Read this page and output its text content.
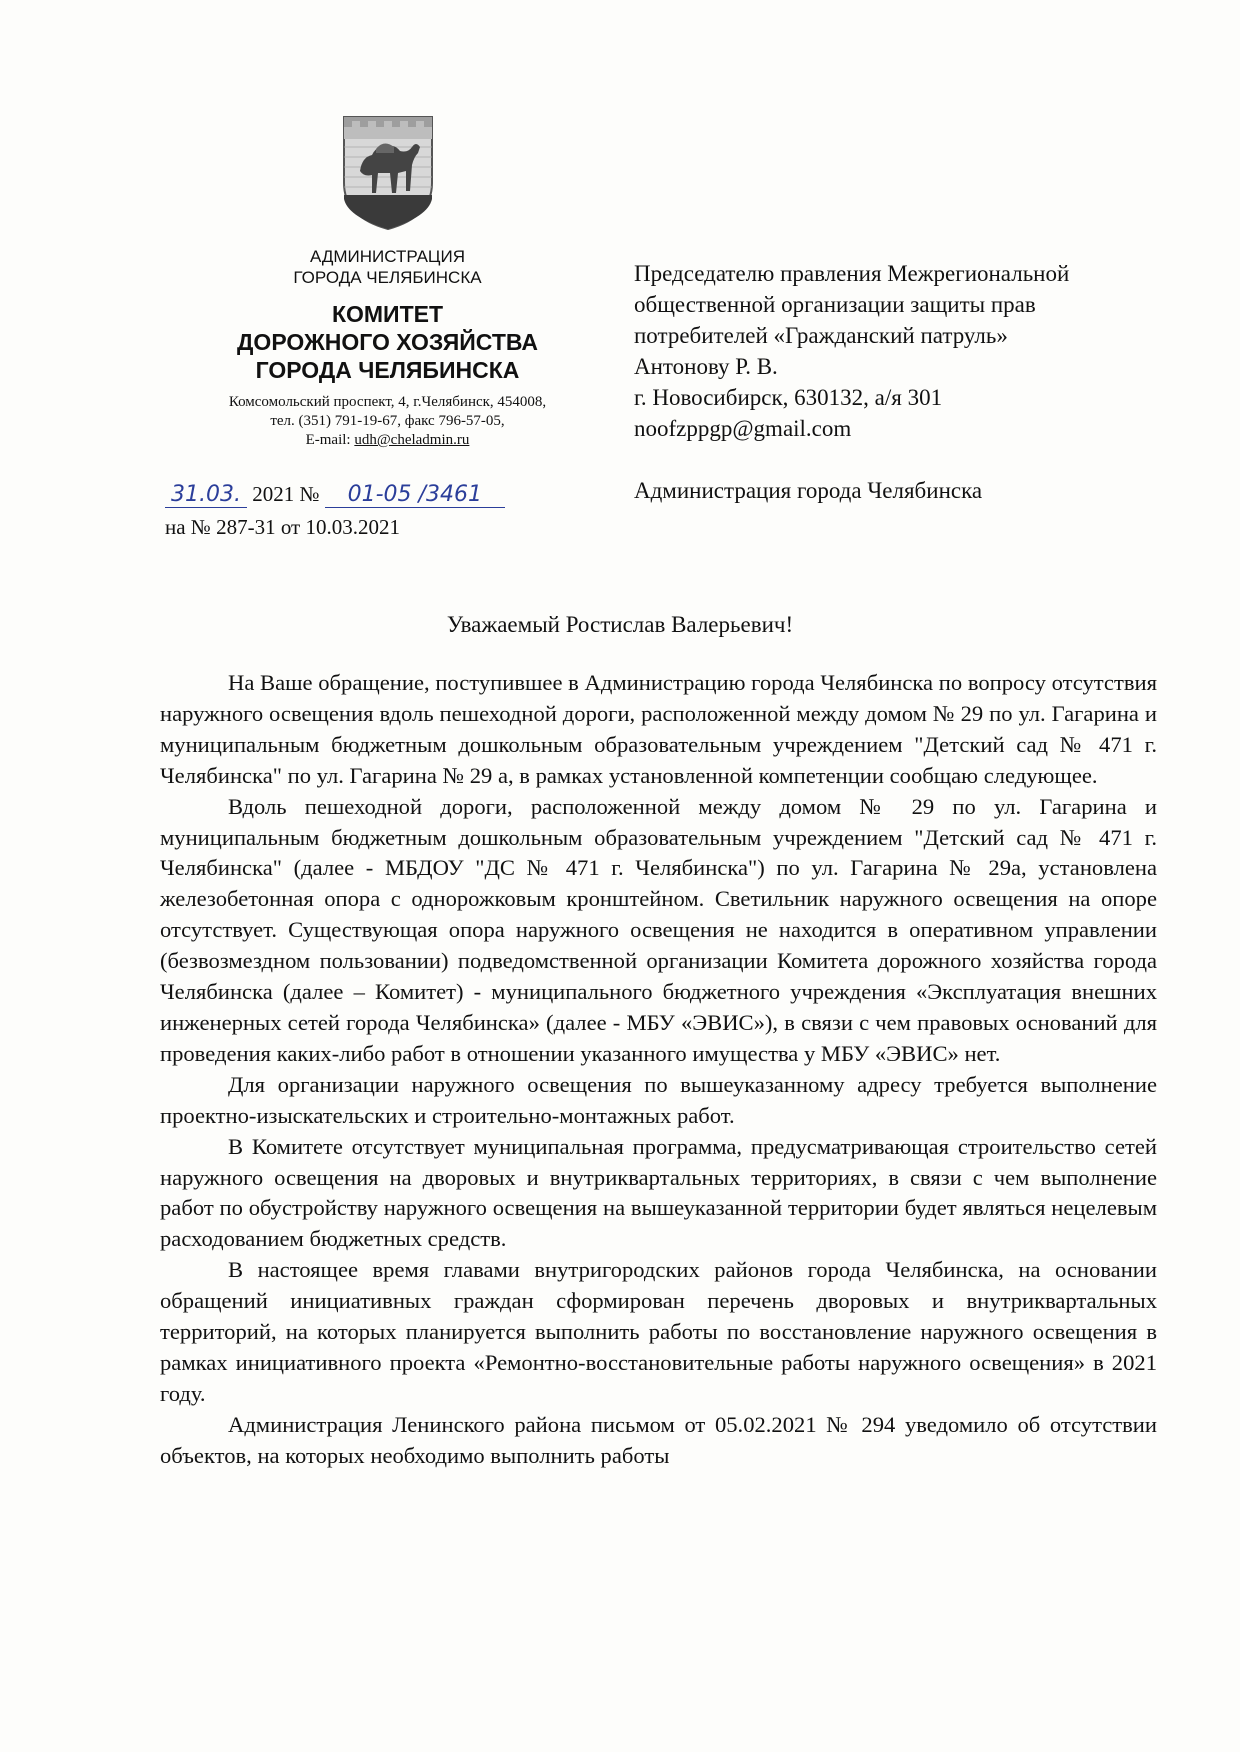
АДМИНИСТРАЦИЯ
ГОРОДА ЧЕЛЯБИНСКА
КОМИТЕТ
ДОРОЖНОГО ХОЗЯЙСТВА
ГОРОДА ЧЕЛЯБИНСКА
Комсомольский проспект, 4, г.Челябинск, 454008,
тел. (351) 791-19-67, факс 796-57-05,
E-mail: udh@cheladmin.ru
31.03. 2021 № 01-05 /3461
на № 287-31 от 10.03.2021
Председателю правления Межрегиональной
общественной организации защиты прав
потребителей «Гражданский патруль»
Антонову Р. В.
г. Новосибирск, 630132, а/я 301
noofzppgp@gmail.com
Администрация города Челябинска
Уважаемый Ростислав Валерьевич!

На Ваше обращение, поступившее в Администрацию города Челябинска по вопросу отсутствия наружного освещения вдоль пешеходной дороги, расположенной между домом № 29 по ул. Гагарина и муниципальным бюджетным дошкольным образовательным учреждением "Детский сад № 471 г. Челябинска" по ул. Гагарина № 29 а, в рамках установленной компетенции сообщаю следующее.

Вдоль пешеходной дороги, расположенной между домом № 29 по ул. Гагарина и муниципальным бюджетным дошкольным образовательным учреждением "Детский сад № 471 г. Челябинска" (далее - МБДОУ "ДС № 471 г. Челябинска") по ул. Гагарина № 29а, установлена железобетонная опора с однорожковым кронштейном. Светильник наружного освещения на опоре отсутствует. Существующая опора наружного освещения не находится в оперативном управлении (безвозмездном пользовании) подведомственной организации Комитета дорожного хозяйства города Челябинска (далее – Комитет) - муниципального бюджетного учреждения «Эксплуатация внешних инженерных сетей города Челябинска» (далее - МБУ «ЭВИС»), в связи с чем правовых оснований для проведения каких-либо работ в отношении указанного имущества у МБУ «ЭВИС» нет.

Для организации наружного освещения по вышеуказанному адресу требуется выполнение проектно-изыскательских и строительно-монтажных работ.

В Комитете отсутствует муниципальная программа, предусматривающая строительство сетей наружного освещения на дворовых и внутриквартальных территориях, в связи с чем выполнение работ по обустройству наружного освещения на вышеуказанной территории будет являться нецелевым расходованием бюджетных средств.

В настоящее время главами внутригородских районов города Челябинска, на основании обращений инициативных граждан сформирован перечень дворовых и внутриквартальных территорий, на которых планируется выполнить работы по восстановление наружного освещения в рамках инициативного проекта «Ремонтно-восстановительные работы наружного освещения» в 2021 году.

Администрация Ленинского района письмом от 05.02.2021 № 294 уведомило об отсутствии объектов, на которых необходимо выполнить работы
